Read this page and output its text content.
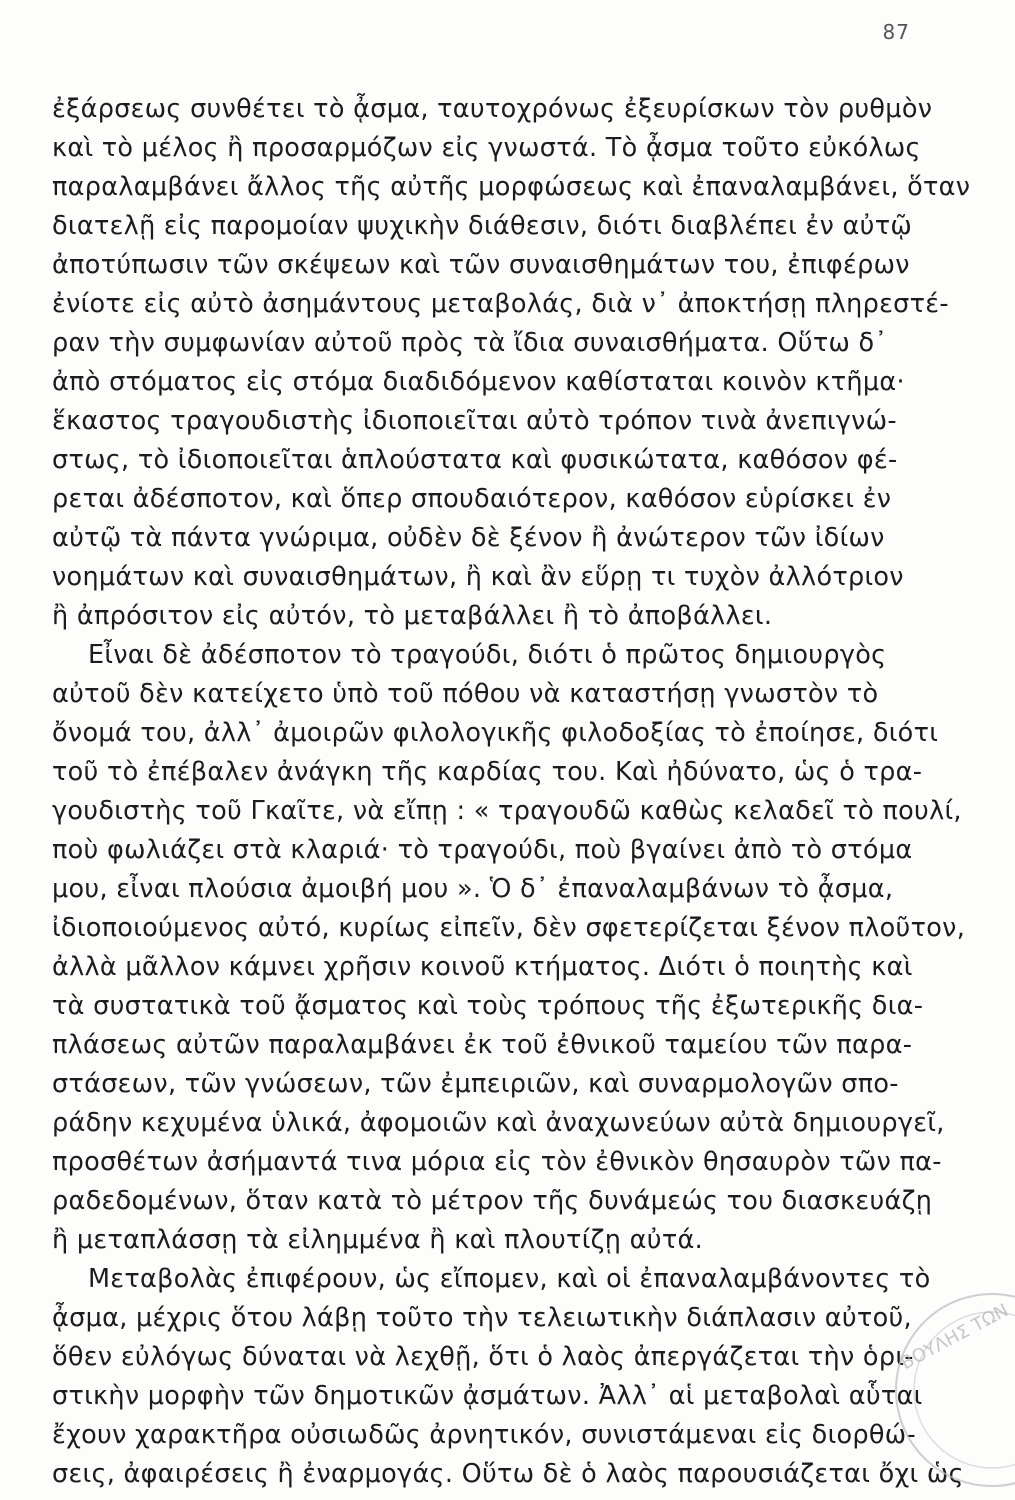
87
ἐξάρσεως συνθέτει τὸ ᾆσμα, ταυτοχρόνως ἐξευρίσκων τὸν ρυθμὸν
καὶ τὸ μέλος ἢ προσαρμόζων εἰς γνωστά. Τὸ ᾆσμα τοῦτο εὐκόλως
παραλαμβάνει ἄλλος τῆς αὐτῆς μορφώσεως καὶ ἐπαναλαμβάνει, ὅταν
διατελῇ εἰς παρομοίαν ψυχικὴν διάθεσιν, διότι διαβλέπει ἐν αὐτῷ
ἀποτύπωσιν τῶν σκέψεων καὶ τῶν συναισθημάτων του, ἐπιφέρων
ἐνίοτε εἰς αὐτὸ ἀσημάντους μεταβολάς, διὰ ν᾿ ἀποκτήσῃ πληρεστέ-
ραν τὴν συμφωνίαν αὐτοῦ πρὸς τὰ ἴδια συναισθήματα. Οὕτω δ᾿
ἀπὸ στόματος εἰς στόμα διαδιδόμενον καθίσταται κοινὸν κτῆμα·
ἕκαστος τραγουδιστὴς ἰδιοποιεῖται αὐτὸ τρόπον τινὰ ἀνεπιγνώ-
στως, τὸ ἰδιοποιεῖται ἁπλούστατα καὶ φυσικώτατα, καθόσον φέ-
ρεται ἀδέσποτον, καὶ ὅπερ σπουδαιότερον, καθόσον εὑρίσκει ἐν
αὐτῷ τὰ πάντα γνώριμα, οὐδὲν δὲ ξένον ἢ ἀνώτερον τῶν ἰδίων
νοημάτων καὶ συναισθημάτων, ἢ καὶ ἂν εὕρῃ τι τυχὸν ἀλλότριον
ἢ ἀπρόσιτον εἰς αὐτόν, τὸ μεταβάλλει ἢ τὸ ἀποβάλλει.
Εἶναι δὲ ἀδέσποτον τὸ τραγούδι, διότι ὁ πρῶτος δημιουργὸς
αὐτοῦ δὲν κατείχετο ὑπὸ τοῦ πόθου νὰ καταστήσῃ γνωστὸν τὸ
ὄνομά του, ἀλλ᾿ ἀμοιρῶν φιλολογικῆς φιλοδοξίας τὸ ἐποίησε, διότι
τοῦ τὸ ἐπέβαλεν ἀνάγκη τῆς καρδίας του. Καὶ ἠδύνατο, ὡς ὁ τρα-
γουδιστὴς τοῦ Γκαῖτε, νὰ εἴπῃ : « τραγουδῶ καθὼς κελαδεῖ τὸ πουλί,
ποὺ φωλιάζει στὰ κλαριά· τὸ τραγούδι, ποὺ βγαίνει ἀπὸ τὸ στόμα
μου, εἶναι πλούσια ἀμοιβή μου ». Ὁ δ᾿ ἐπαναλαμβάνων τὸ ᾆσμα,
ἰδιοποιούμενος αὐτό, κυρίως εἰπεῖν, δὲν σφετερίζεται ξένον πλοῦτον,
ἀλλὰ μᾶλλον κάμνει χρῆσιν κοινοῦ κτήματος. Διότι ὁ ποιητὴς καὶ
τὰ συστατικὰ τοῦ ᾄσματος καὶ τοὺς τρόπους τῆς ἐξωτερικῆς δια-
πλάσεως αὐτῶν παραλαμβάνει ἐκ τοῦ ἐθνικοῦ ταμείου τῶν παρα-
στάσεων, τῶν γνώσεων, τῶν ἐμπειριῶν, καὶ συναρμολογῶν σπο-
ράδην κεχυμένα ὑλικά, ἀφομοιῶν καὶ ἀναχωνεύων αὐτὰ δημιουργεῖ,
προσθέτων ἀσήμαντά τινα μόρια εἰς τὸν ἐθνικὸν θησαυρὸν τῶν πα-
ραδεδομένων, ὅταν κατὰ τὸ μέτρον τῆς δυνάμεώς του διασκευάζῃ
ἢ μεταπλάσσῃ τὰ εἰλημμένα ἢ καὶ πλουτίζῃ αὐτά.
Μεταβολὰς ἐπιφέρουν, ὡς εἴπομεν, καὶ οἱ ἐπαναλαμβάνοντες τὸ
ᾆσμα, μέχρις ὅτου λάβῃ τοῦτο τὴν τελειωτικὴν διάπλασιν αὐτοῦ,
ὅθεν εὐλόγως δύναται νὰ λεχθῇ, ὅτι ὁ λαὸς ἀπεργάζεται τὴν ὁρι-
στικὴν μορφὴν τῶν δημοτικῶν ᾀσμάτων. Ἀλλ᾿ αἱ μεταβολαὶ αὗται
ἔχουν χαρακτῆρα οὐσιωδῶς ἀρνητικόν, συνιστάμεναι εἰς διορθώ-
σεις, ἀφαιρέσεις ἢ ἐναρμογάς. Οὕτω δὲ ὁ λαὸς παρουσιάζεται ὄχι ὡς
ΒΟΥΛΗΣ ΤΩΝ
